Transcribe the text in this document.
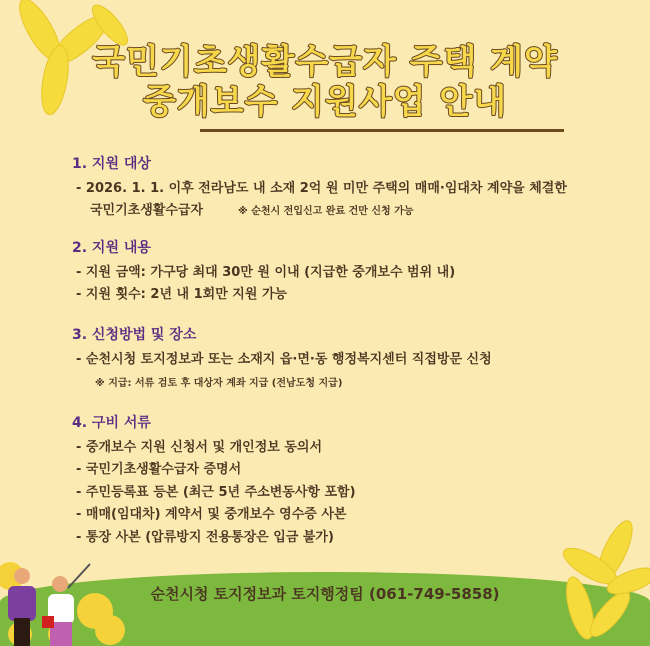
국민기초생활수급자 주택 계약
중개보수 지원사업 안내
1. 지원 대상
- 2026. 1. 1. 이후 전라남도 내 소재 2억 원 미만 주택의 매매·임대차 계약을 체결한
국민기초생활수급자	※ 순천시 전입신고 완료 건만 신청 가능
2. 지원 내용
- 지원 금액: 가구당 최대 30만 원 이내 (지급한 중개보수 범위 내)
- 지원 횟수: 2년 내 1회만 지원 가능
3. 신청방법 및 장소
- 순천시청 토지정보과 또는 소재지 읍·면·동 행정복지센터 직접방문 신청
※ 지급: 서류 검토 후 대상자 계좌 지급 (전남도청 지급)
4. 구비 서류
- 중개보수 지원 신청서 및 개인정보 동의서
- 국민기초생활수급자 증명서
- 주민등록표 등본 (최근 5년 주소변동사항 포함)
- 매매(임대차) 계약서 및 중개보수 영수증 사본
- 통장 사본 (압류방지 전용통장은 입금 불가)
순천시청 토지정보과 토지행정팀 (061-749-5858)
